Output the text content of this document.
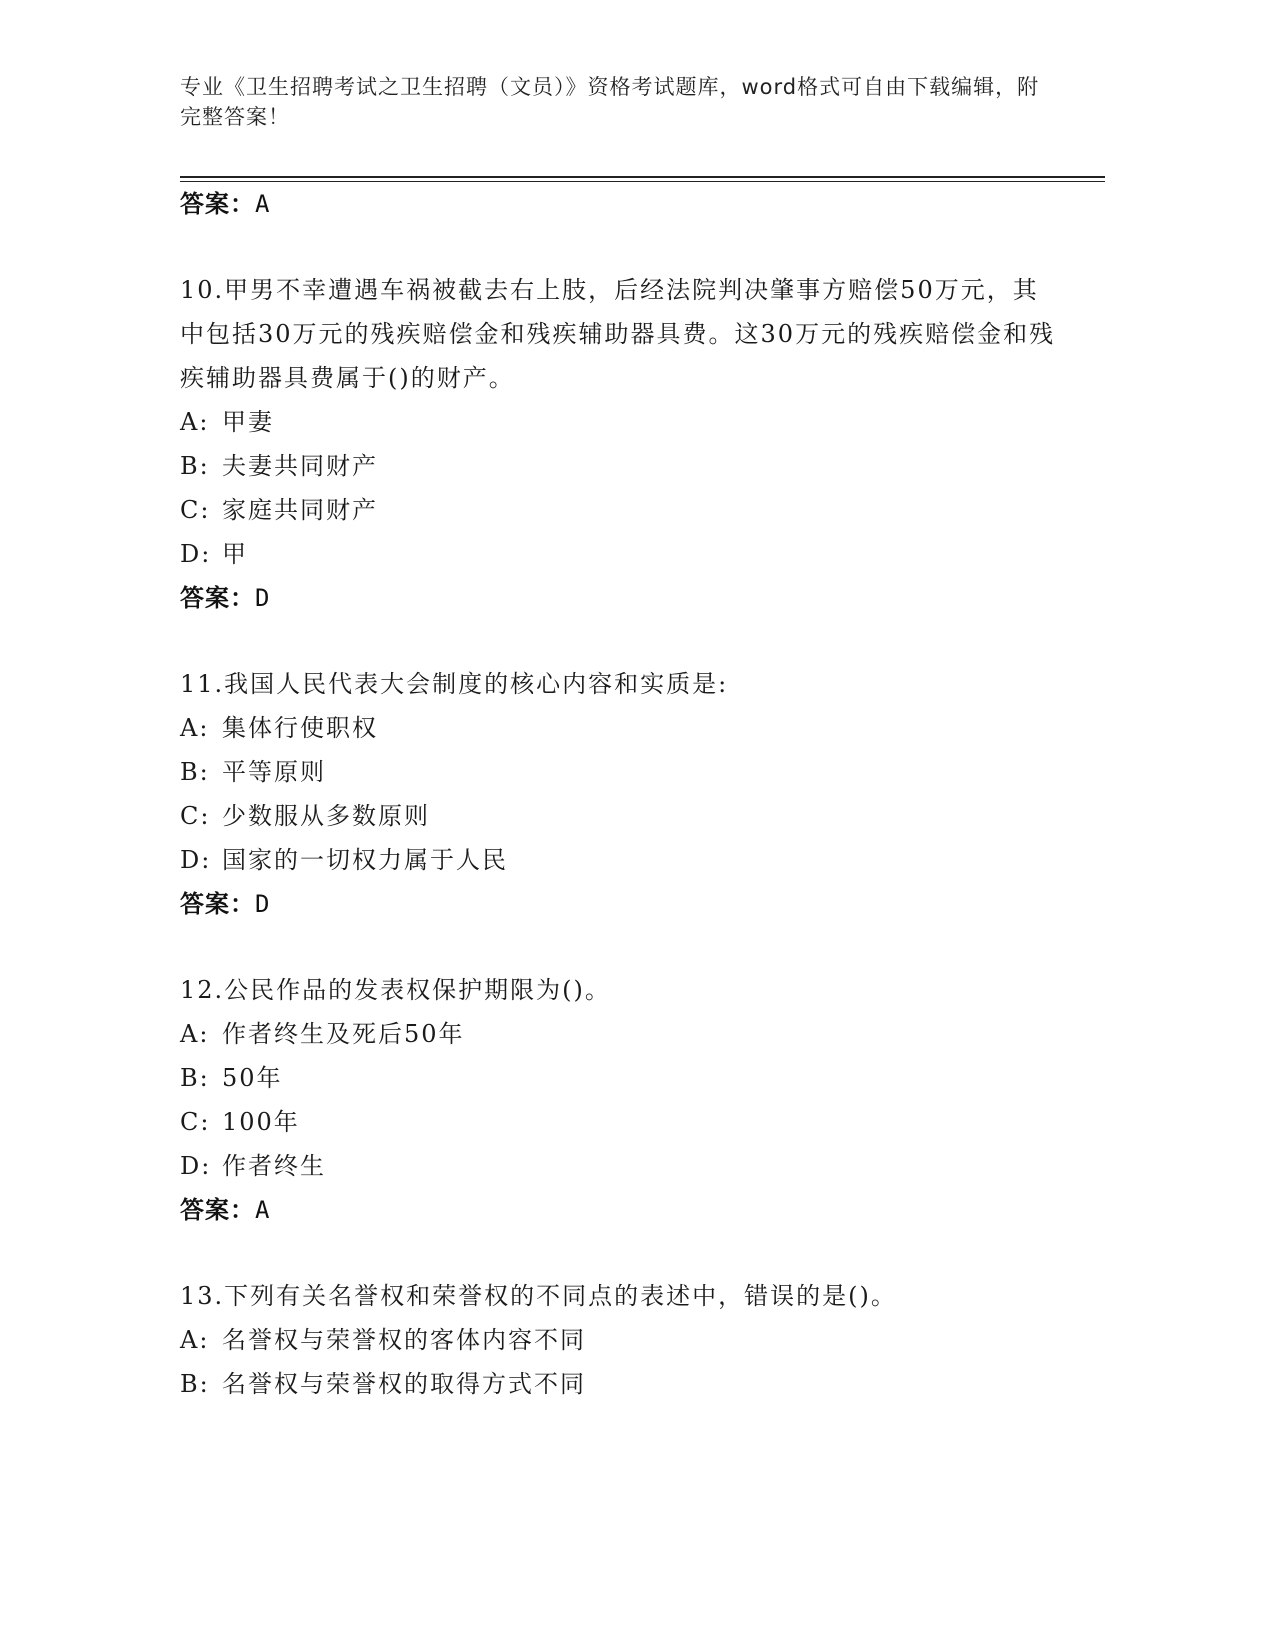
专业《卫生招聘考试之卫生招聘（文员）》资格考试题库，word格式可自由下载编辑，附完整答案！
答案：A

10.甲男不幸遭遇车祸被截去右上肢，后经法院判决肇事方赔偿50万元，其中包括30万元的残疾赔偿金和残疾辅助器具费。这30万元的残疾赔偿金和残疾辅助器具费属于()的财产。

A: 甲妻
B: 夫妻共同财产
C: 家庭共同财产
D: 甲
答案：D

11.我国人民代表大会制度的核心内容和实质是:

A: 集体行使职权
B: 平等原则
C: 少数服从多数原则
D: 国家的一切权力属于人民
答案：D

12.公民作品的发表权保护期限为()。

A: 作者终生及死后50年
B: 50年
C: 100年
D: 作者终生
答案：A

13.下列有关名誉权和荣誉权的不同点的表述中，错误的是()。

A: 名誉权与荣誉权的客体内容不同
B: 名誉权与荣誉权的取得方式不同
